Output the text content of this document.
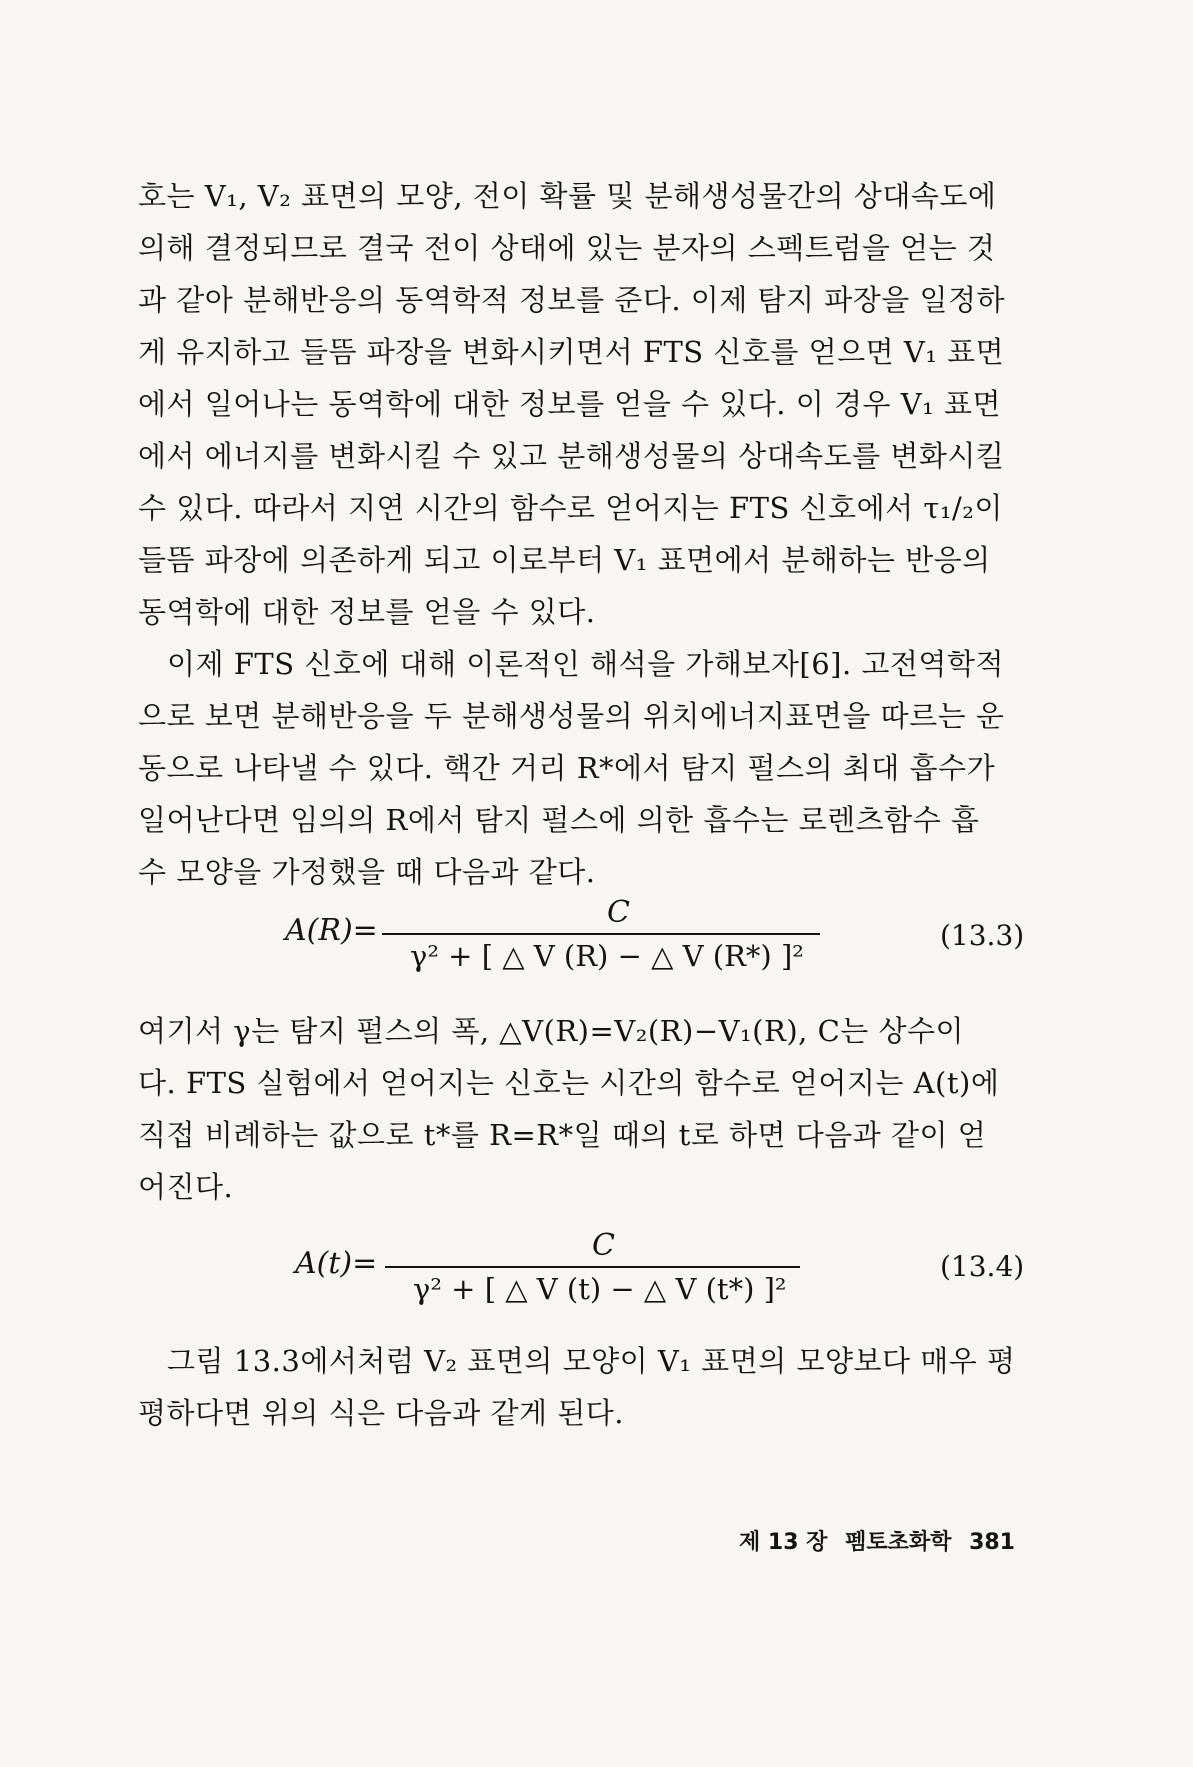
호는 V₁, V₂ 표면의 모양, 전이 확률 및 분해생성물간의 상대속도에
의해 결정되므로 결국 전이 상태에 있는 분자의 스펙트럼을 얻는 것
과 같아 분해반응의 동역학적 정보를 준다. 이제 탐지 파장을 일정하
게 유지하고 들뜸 파장을 변화시키면서 FTS 신호를 얻으면 V₁ 표면
에서 일어나는 동역학에 대한 정보를 얻을 수 있다. 이 경우 V₁ 표면
에서 에너지를 변화시킬 수 있고 분해생성물의 상대속도를 변화시킬
수 있다. 따라서 지연 시간의 함수로 얻어지는 FTS 신호에서 τ₁/₂이
들뜸 파장에 의존하게 되고 이로부터 V₁ 표면에서 분해하는 반응의
동역학에 대한 정보를 얻을 수 있다.

이제 FTS 신호에 대해 이론적인 해석을 가해보자[6]. 고전역학적
으로 보면 분해반응을 두 분해생성물의 위치에너지표면을 따르는 운
동으로 나타낼 수 있다. 핵간 거리 R*에서 탐지 펄스의 최대 흡수가
일어난다면 임의의 R에서 탐지 펄스에 의한 흡수는 로렌츠함수 흡
수 모양을 가정했을 때 다음과 같다.

A(R)=
C
γ² + [ △ V (R) − △ V (R*) ]²
(13.3)

여기서 γ는 탐지 펄스의 폭, △V(R)=V₂(R)−V₁(R), C는 상수이
다. FTS 실험에서 얻어지는 신호는 시간의 함수로 얻어지는 A(t)에
직접 비례하는 값으로 t*를 R=R*일 때의 t로 하면 다음과 같이 얻
어진다.

A(t)=
C
γ² + [ △ V (t) − △ V (t*) ]²
(13.4)

그림 13.3에서처럼 V₂ 표면의 모양이 V₁ 표면의 모양보다 매우 평
평하다면 위의 식은 다음과 같게 된다.

제 13 장 펨토초화학 381
